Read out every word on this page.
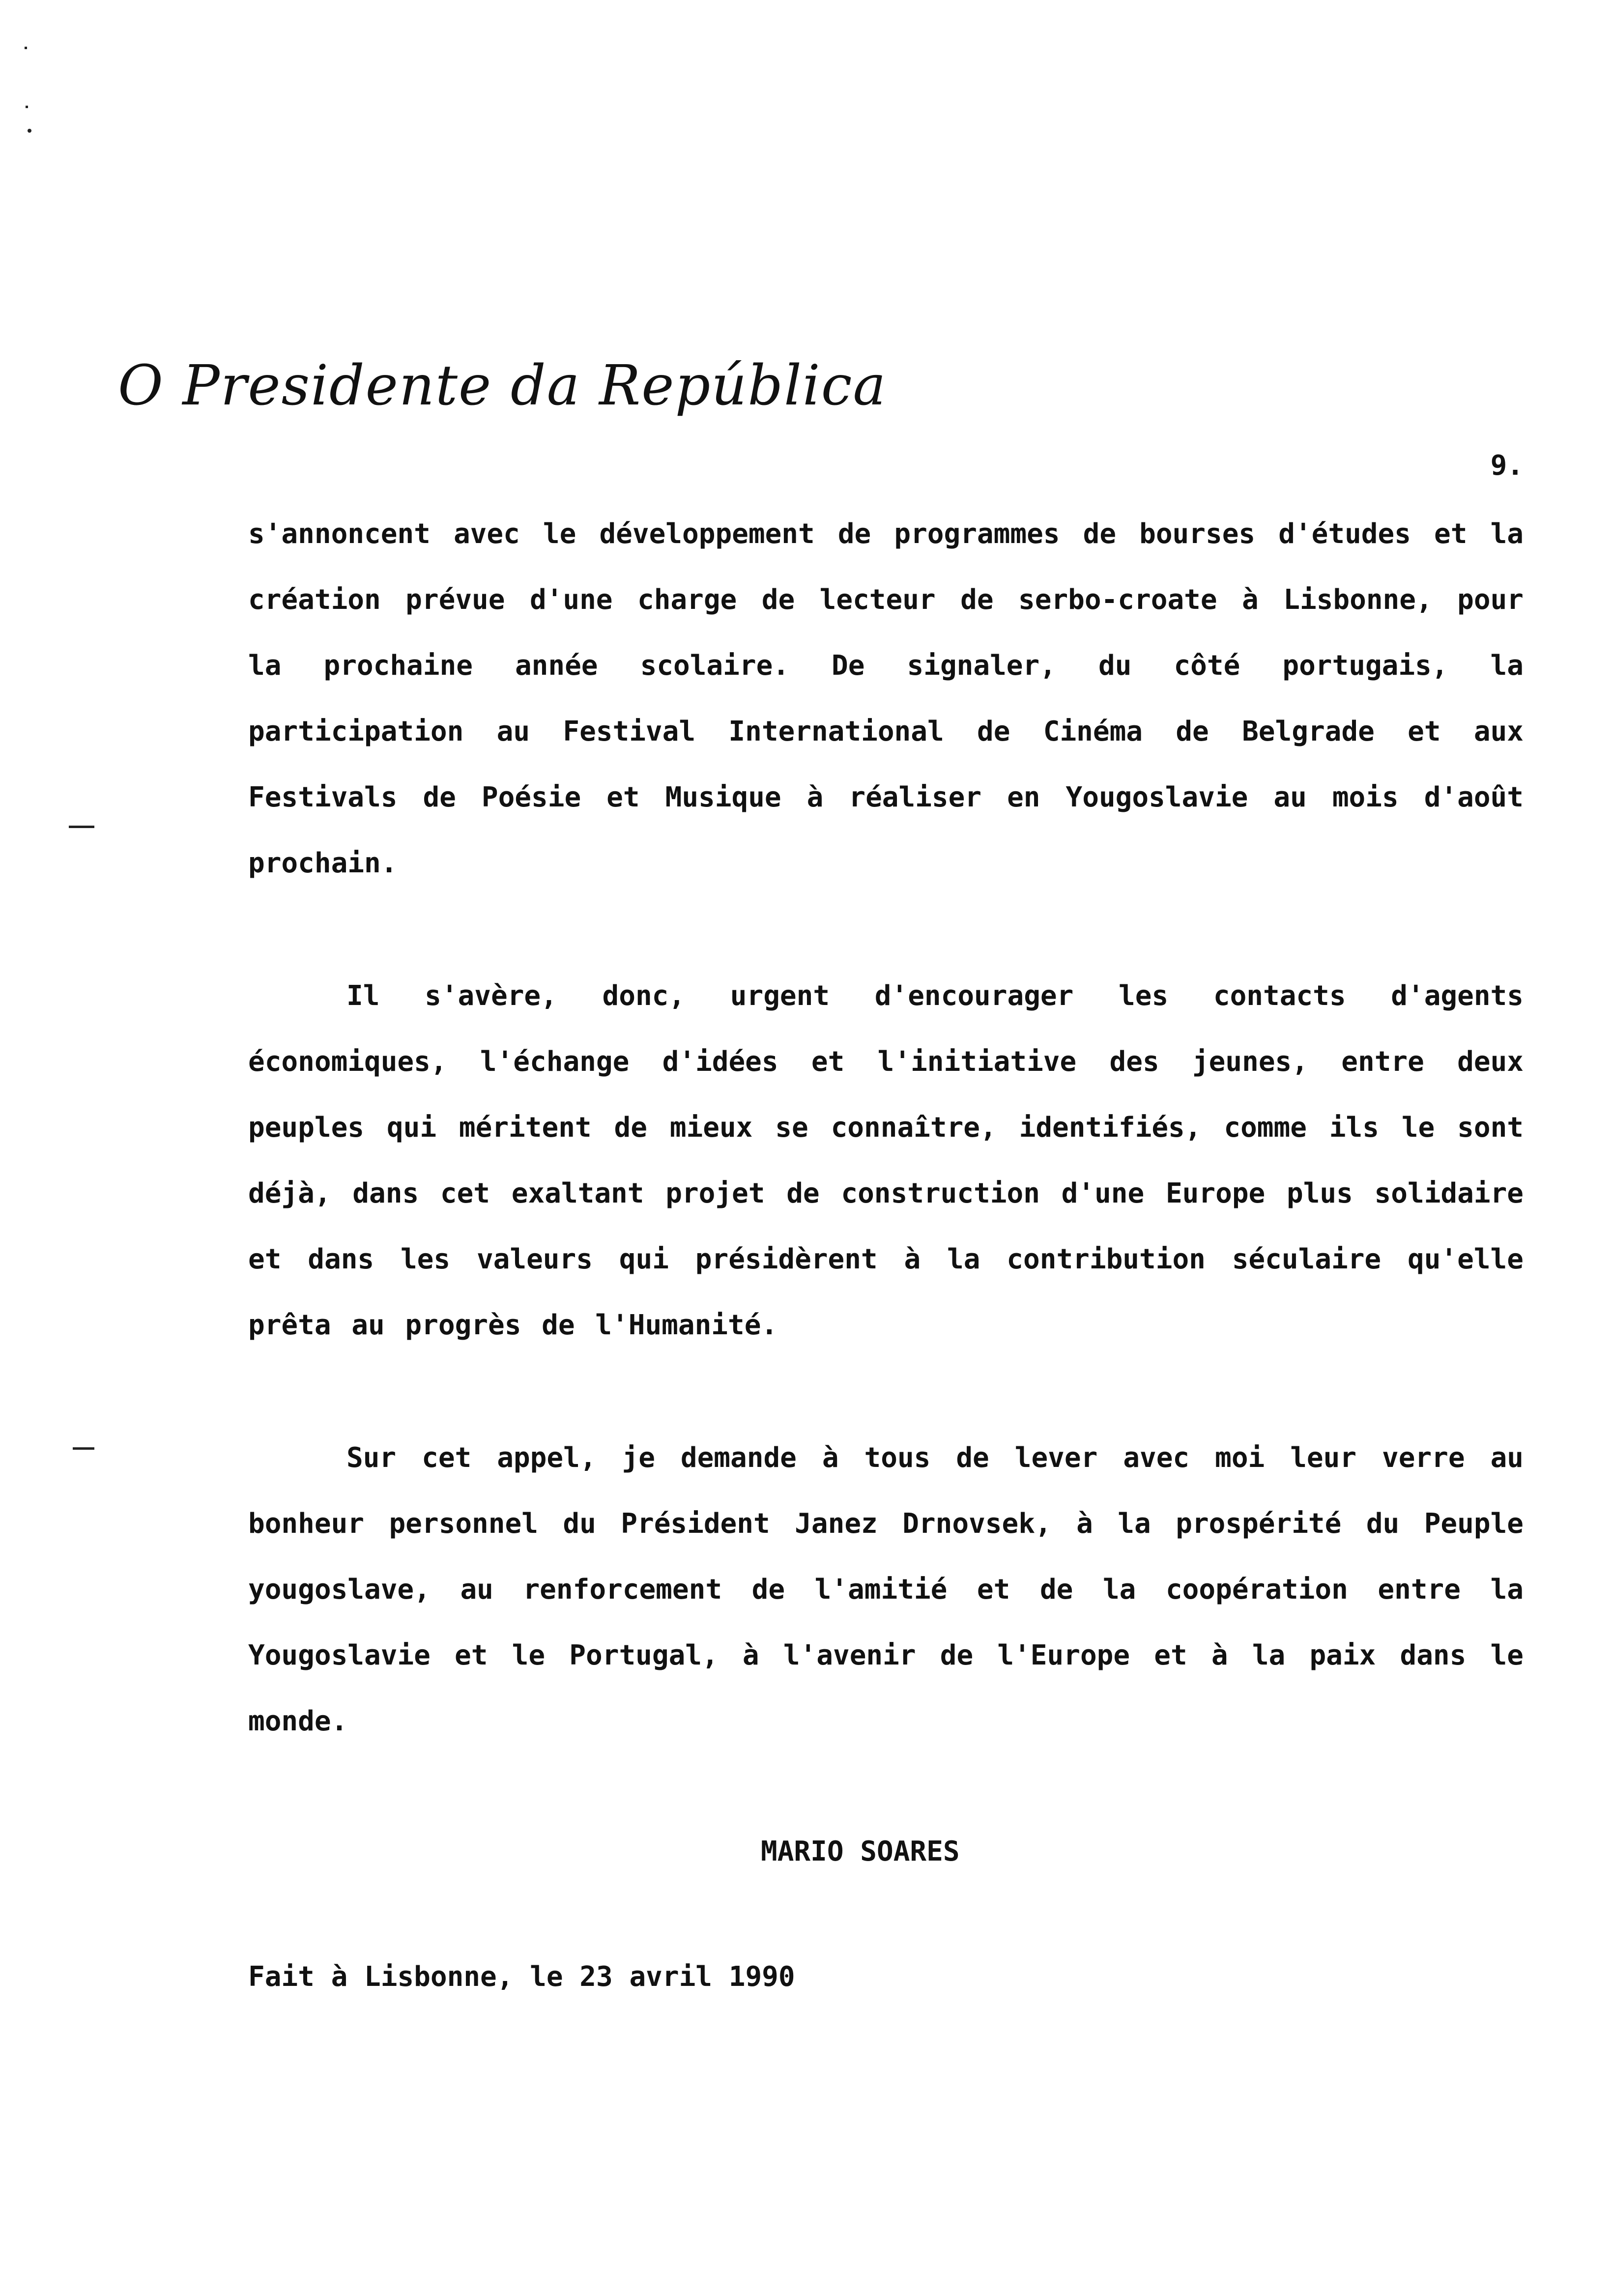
O Presidente da República
9.
s'annoncent avec le développement de programmes de bourses d'études et la création prévue d'une charge de lecteur de serbo-croate à Lisbonne, pour la prochaine année scolaire. De signaler, du côté portugais, la participation au Festival International de Cinéma de Belgrade et aux Festivals de Poésie et Musique à réaliser en Yougoslavie au mois d'août prochain.
Il s'avère, donc, urgent d'encourager les contacts d'agents économiques, l'échange d'idées et l'initiative des jeunes, entre deux peuples qui méritent de mieux se connaître, identifiés, comme ils le sont déjà, dans cet exaltant projet de construction d'une Europe plus solidaire et dans les valeurs qui présidèrent à la contribution séculaire qu'elle prêta au progrès de l'Humanité.
Sur cet appel, je demande à tous de lever avec moi leur verre au bonheur personnel du Président Janez Drnovsek, à la prospérité du Peuple yougoslave, au renforcement de l'amitié et de la coopération entre la Yougoslavie et le Portugal, à l'avenir de l'Europe et à la paix dans le monde.
MARIO SOARES
Fait à Lisbonne, le 23 avril 1990
